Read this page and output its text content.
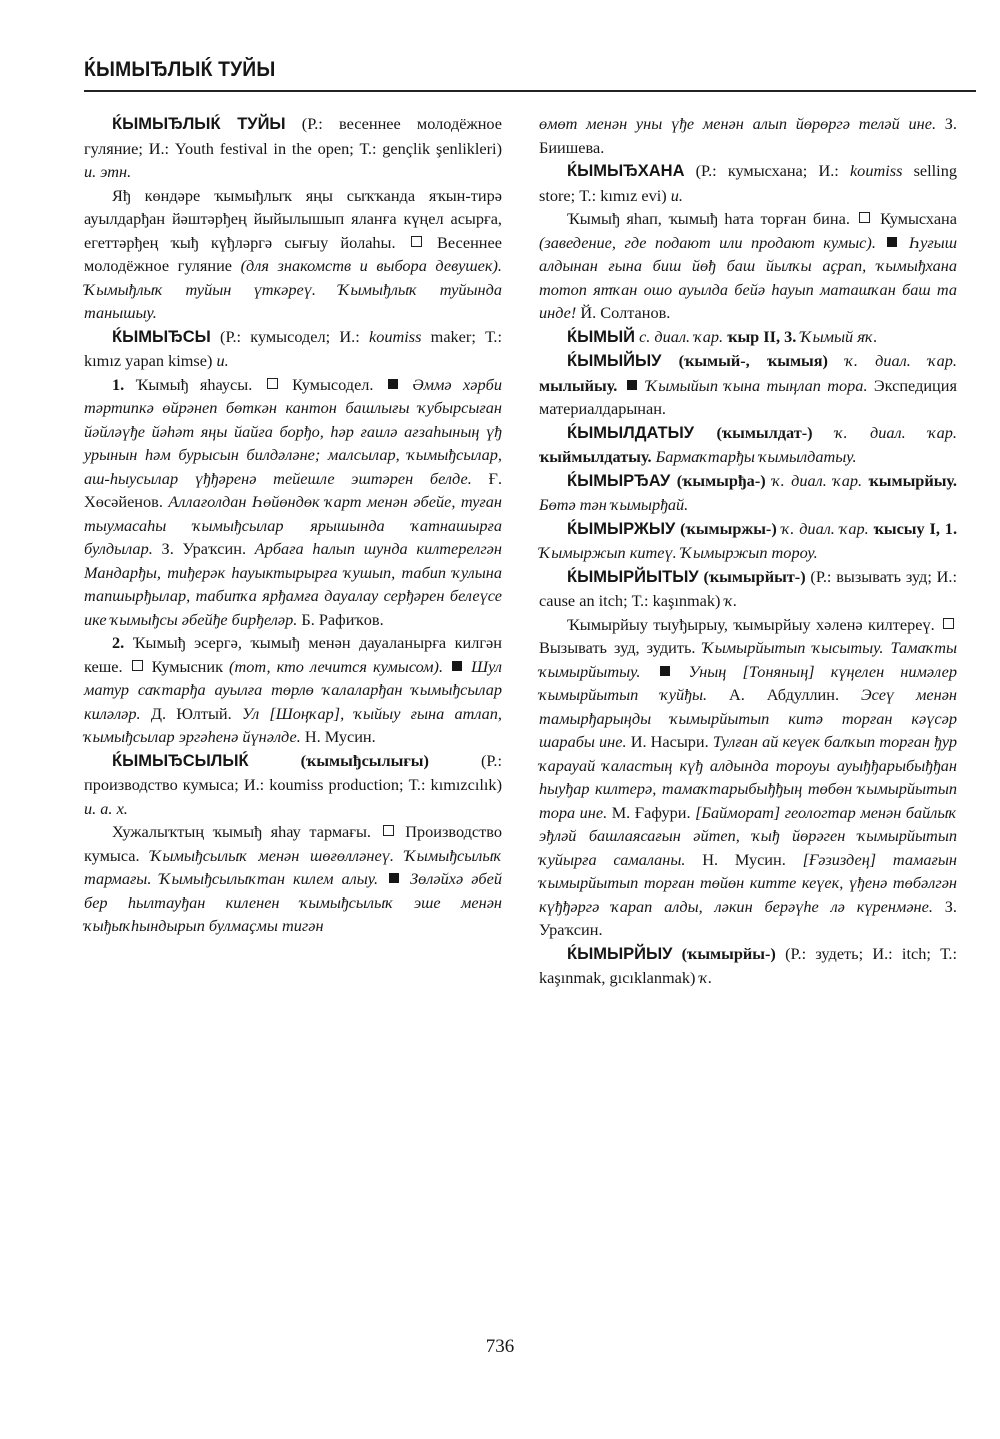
ЌЫМЫЂЛЫЌ ТУЙЫ

ЌЫМЫЂЛЫЌ ТУЙЫ (Р.: весеннее молодёжное гуляние; И.: Youth festival in the open; Т.: gençlik şenlikleri) и. этн.

Яђ көндәре ҡымыђлыҡ яңы сыҡҡанда яҡын-тирә ауылдарђан йәштәрђең йыйылышып яланға күңел асырға, егеттәрђең ҡыђ күђләргә сығыу йолаһы.	Весеннее молодёжное гуляние (для знакомств и выбора девушек). Ҡымыђлыҡ туйын үткәреү. Ҡымыђлыҡ туйында танышыу.

ЌЫМЫЂСЫ (Р.: кумысодел; И.: koumiss maker; Т.: kımız yapan kimse) и.

1. Ҡымыђ яһаусы. Кумысодел. Әммә хәрби тәртипкә өйрәнеп бөткән кантон башлығы ҡубырсыған йәйләүђе йәһәт яңы йайға борђо, һәр ғаилә ағзаһының үђ урынын һәм бурысын билдәләне; малсылар, ҡымыђсылар, аш-һыусылар үђђәренә тейешле эштәрен белде. Ғ. Хөсәйенов. Аллағолдан Һөйөндөк ҡарт менән әбейе, туған тыумасаһы ҡымыђсылар ярышында ҡатнашырға булдылар. З. Ураҡсин. Арбаға һалып шунда килтерелгән Мандарђы, тиђерәк һауыктырырға ҡушып, табип ҡулына тапшырђылар, табипҡа ярђамға дауалау серђәрен белеүсе ике ҡымыђсы әбейђе бирђеләр. Б. Рафиҡов.

2. Ҡымыђ эсергә, ҡымыђ менән дауаланырға килгән кеше. Кумысник (тот, кто лечится кумысом). Шул матур саҡтарђа ауылға төрлө ҡалаларђан ҡымыђсылар киләләр. Д. Юлтый. Ул [Шоңҡар], ҡыйыу ғына атлап, ҡымыђсылар эргәһенә йүнәлде. Н. Мусин.

ЌЫМЫЂСЫЛЫЌ	(ҡымыђсылығы)	(Р.: производство кумыса; И.: koumiss production; Т.: kımızcılık) и. а. х.

Хужалыҡтың ҡымыђ яһау тармағы. Производство кумыса. Ҡымыђсылыҡ менән шөғөлләнеү. Ҡымыђсылыҡ тармағы. Ҡымыђсылыҡтан килем алыу. Зөләйхә әбей бер һылтауђан киленен ҡымыђсылыҡ эше менән ҡыђыҡһындырып булмаҫмы тигән

өмөт менән уны үђе менән алып йөрөргә теләй ине. З. Биишева.

ЌЫМЫЂХАНА (Р.: кумысхана; И.: koumiss selling store; Т.: kımız evi) и.

Ҡымыђ яһап, ҡымыђ һата торған бина. Кумысхана (заведение, где подают или продают кумыс). Һуғыш алдынан ғына биш йөђ баш йылҡы аҫрап, ҡымыђхана тотоп ятҡан ошо ауылда бейә һауып маташҡан баш та инде! Й. Солтанов.

ЌЫМЫЙ с. диал. ҡар. ҡыр II, 3. Ҡымый яҡ.

ЌЫМЫЙЫУ (ҡымый-, ҡымыя) ҡ. диал. ҡар. мылыйыу. Ҡымыйып ҡына тыңлап тора. Экспедиция материалдарынан.

ЌЫМЫЛДАТЫУ (ҡымылдат-) ҡ. диал. ҡар. ҡыймылдатыу. Бармаҡтарђы ҡымылдатыу.

ЌЫМЫРЂАУ (ҡымырђа-) ҡ. диал. ҡар. ҡымырйыу. Бөтә тән ҡымырђай.

ЌЫМЫРЖЫУ (ҡымыржы-) ҡ. диал. ҡар. ҡысыу I, 1. Ҡымыржып китеү. Ҡымыржып тороу.

ЌЫМЫРЙЫТЫУ (ҡымырйыт-) (Р.: вызывать зуд; И.: cause an itch; Т.: kaşınmak) ҡ.

Ҡымырйыу тыуђырыу, ҡымырйыу хәленә килтереү.  Вызывать зуд, зудить. Ҡымырйытып ҡысытыу. Тамаҡты ҡымырйытыу.	Уның [Тоняның] күңелен нимәлер ҡымырйытып ҡуйђы. А. Абдуллин. Эсеү менән тамырђарыңды ҡымырйытып китә торған кәүсәр шарабы ине. И. Насыри. Тулған ай кеүек балҡып торған ђур ҡарауай ҡаластың күђ алдында тороуы ауыђђарыбыђђан һыуђар килтерә, тамаҡтарыбыђђың төбөн ҡымырйытып тора ине. М. Ғафури. [Байморат] геологтар менән байлыҡ эђләй башлаясағын әйтеп, ҡыђ йөрәген ҡымырйытып ҡуйырға самаланы. Н. Мусин. [Ғәзиздең] тамағын ҡымырйытып торған төйөн китте кеүек, үђенә төбәлгән күђђәргә ҡарап алды, ләкин берәүһе лә күренмәне. З. Ураҡсин.

ЌЫМЫРЙЫУ (ҡымырйы-) (Р.: зудеть; И.: itch; Т.: kaşınmak, gıcıklanmak) ҡ.

736
